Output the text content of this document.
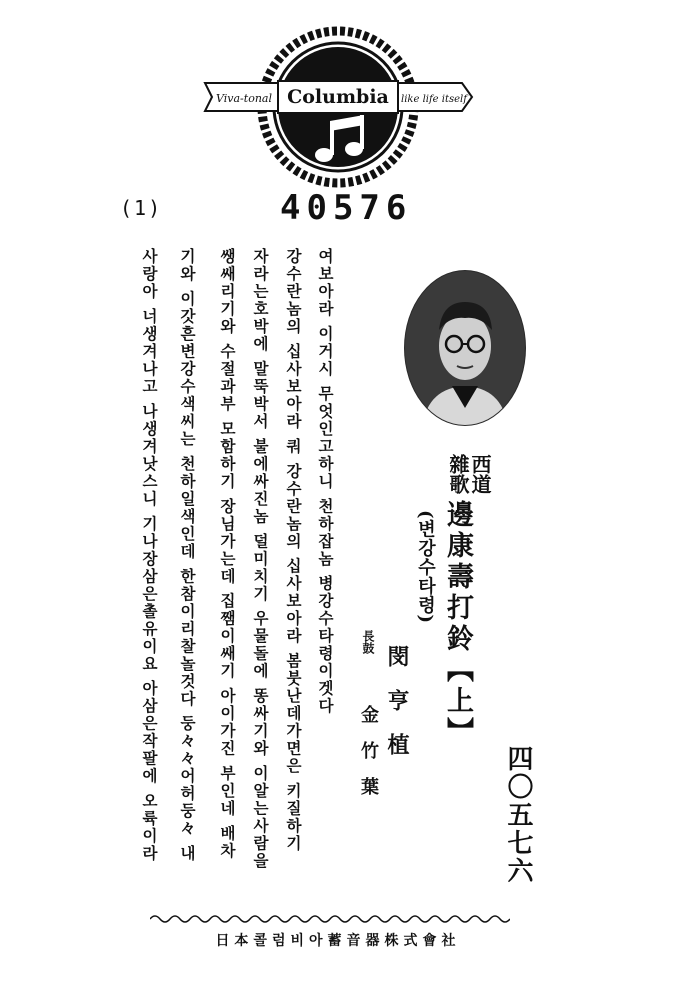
Columbia
Viva-tonal	like life itself
(1)	40576
여보아라 이거시 무엇인고하니 천하잡놈 병강수타령이겟다
강수란놈의 십사보아라 쿼 강수란놈의 십사보아라 봄붓난데가면은 키질하기
자라는호박에 말뚝박서 불에싸진놈 덜미치기 우물돌에 똥싸기와 이알는사람을
쌩쌔리기와 수절과부 모함하기 장님가는데 집쨈이쌔기 아이가진 부인네 배차
기와 이갓흔변강수색씨는 천하일색인데 한참이리찰놀것다 둥々々어허둥々 내
사랑아 너생겨나고 나생겨낫스니 기나장삼은촐유이요 아삼은작팔에 오륙이라	西道
雜歌
邊康壽打鈴【上】
(변강수타령)
閔亨植
長鼓
金竹葉	四〇五七六
日本콜럼비아蓄音器株式會社
